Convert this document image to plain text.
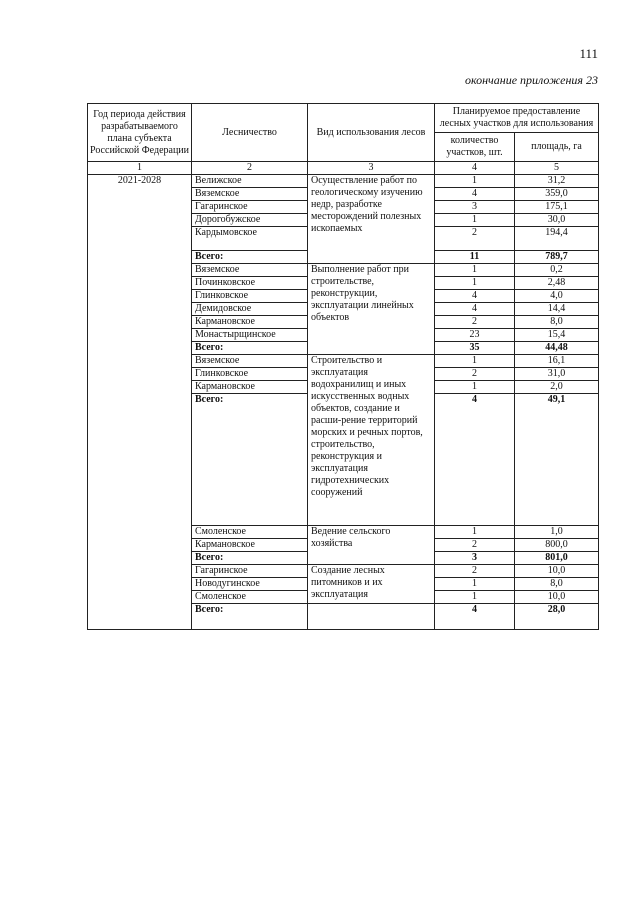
111
окончание приложения 23
Год периода действия разрабатываемого плана субъекта Российской Федерации	Лесничество	Вид использования лесов	Планируемое предоставление лесных участков для использования	
			количество участков, шт.	площадь, га
1	2	3	4	5
2021-2028	Велижское	Осуществление работ по геологическому изучению недр, разработке месторождений полезных ископаемых	1	31,2
	Вяземское		4	359,0
	Гагаринское		3	175,1
	Дорогобужское		1	30,0
	Кардымовское		2	194,4
	Всего:		11	789,7
	Вяземское	Выполнение работ при строительстве, реконструкции, эксплуатации линейных объектов	1	0,2
	Починковское		1	2,48
	Глинковское		4	4,0
	Демидовское		4	14,4
	Кармановское		2	8,0
	Монастырщинское		23	15,4
	Всего:		35	44,48
	Вяземское	Строительство и эксплуатация водохранилищ и иных искусственных водных объектов, создание и расши-рение территорий морских и речных портов, строительство, реконструкция и эксплуатация гидротехнических сооружений	1	16,1
	Глинковское		2	31,0
	Кармановское		1	2,0
	Всего:		4	49,1
	Смоленское	Ведение сельского хозяйства	1	1,0
	Кармановское		2	800,0
	Всего:		3	801,0
	Гагаринское	Создание лесных питомников и их эксплуатация	2	10,0
	Новодугинское		1	8,0
	Смоленское		1	10,0
	Всего:		4	28,0
